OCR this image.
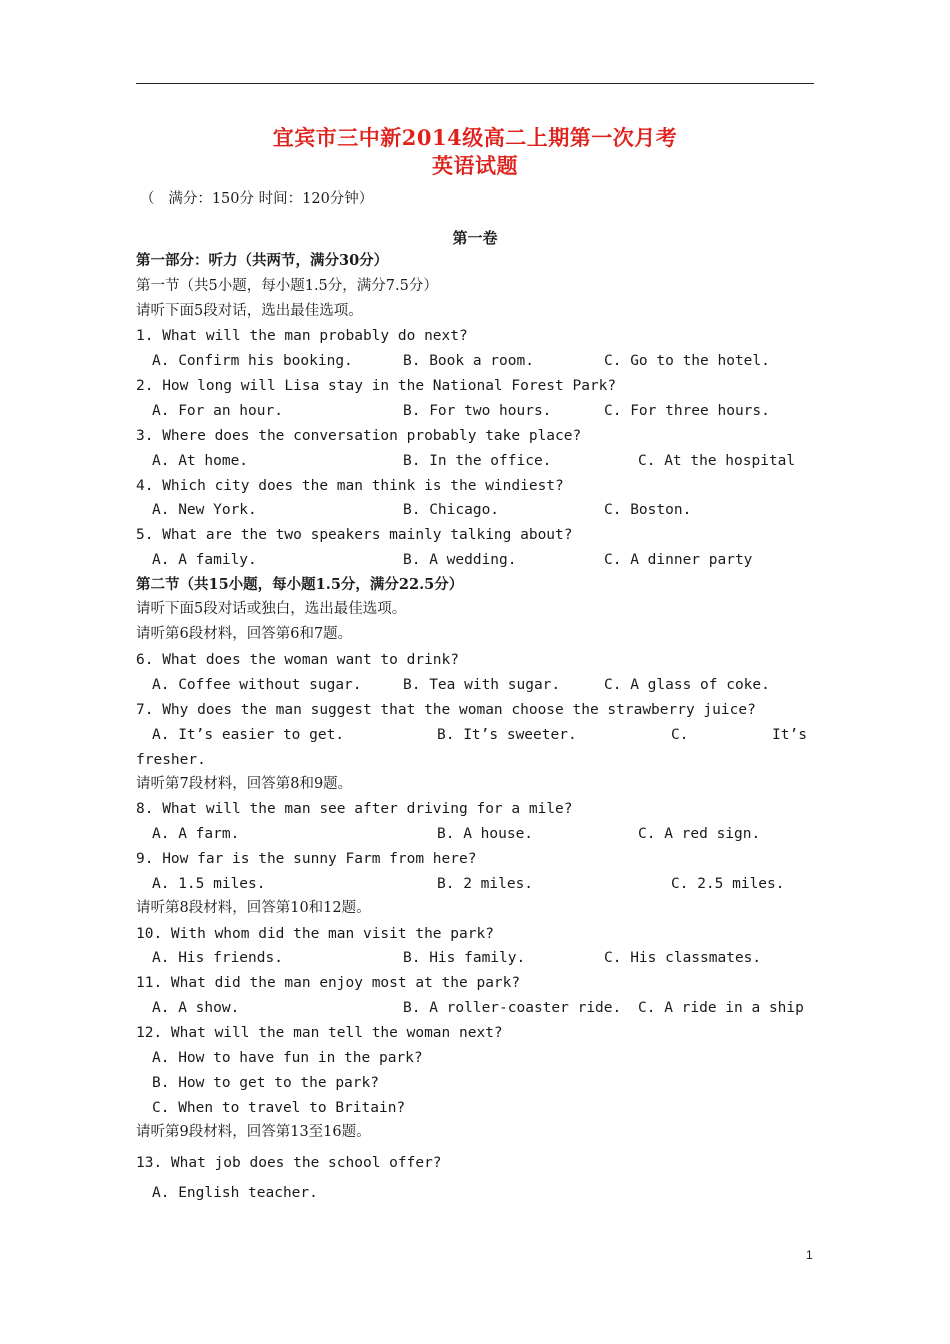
宜宾市三中新2014级高二上期第一次月考
英语试题
（   满分：150分 时间：120分钟）
第一卷
第一部分：听力（共两节，满分30分）
第一节（共5小题，每小题1.5分，满分7.5分）
请听下面5段对话，选出最佳选项。
1. What will the man probably do next?
A. Confirm his booking.	B. Book a room.	C. Go to the hotel.
2. How long will Lisa stay in the National Forest Park?
A. For an hour.	B. For two hours.	C. For three hours.
3. Where does the conversation probably take place?
A. At home.	B. In the office.	C. At the hospital
4. Which city does the man think is the windiest?
A. New York.	B. Chicago.	C. Boston.
5. What are the two speakers mainly talking about?
A. A family.	B. A wedding.	C. A dinner party
第二节（共15小题，每小题1.5分，满分22.5分）
请听下面5段对话或独白，选出最佳选项。
请听第6段材料，回答第6和7题。
6. What does the woman want to drink?
A. Coffee without sugar.	B. Tea with sugar.	C. A glass of coke.
7. Why does the man suggest that the woman choose the strawberry juice?
A. It’s easier to get.	B. It’s sweeter.	C.	It’s
fresher.
请听第7段材料，回答第8和9题。
8. What will the man see after driving for a mile?
A. A farm.	B. A house.	C. A red sign.
9. How far is the sunny Farm from here?
A. 1.5 miles.	B. 2 miles.	C. 2.5 miles.
请听第8段材料，回答第10和12题。
10. With whom did the man visit the park?
A. His friends.	B. His family.	C. His classmates.
11. What did the man enjoy most at the park?
A. A show.	B. A roller-coaster ride. C. A ride in a ship
12. What will the man tell the woman next?
A. How to have fun in the park?
B. How to get to the park?
C. When to travel to Britain?
请听第9段材料，回答第13至16题。
13. What job does the school offer?
A. English teacher.
1
